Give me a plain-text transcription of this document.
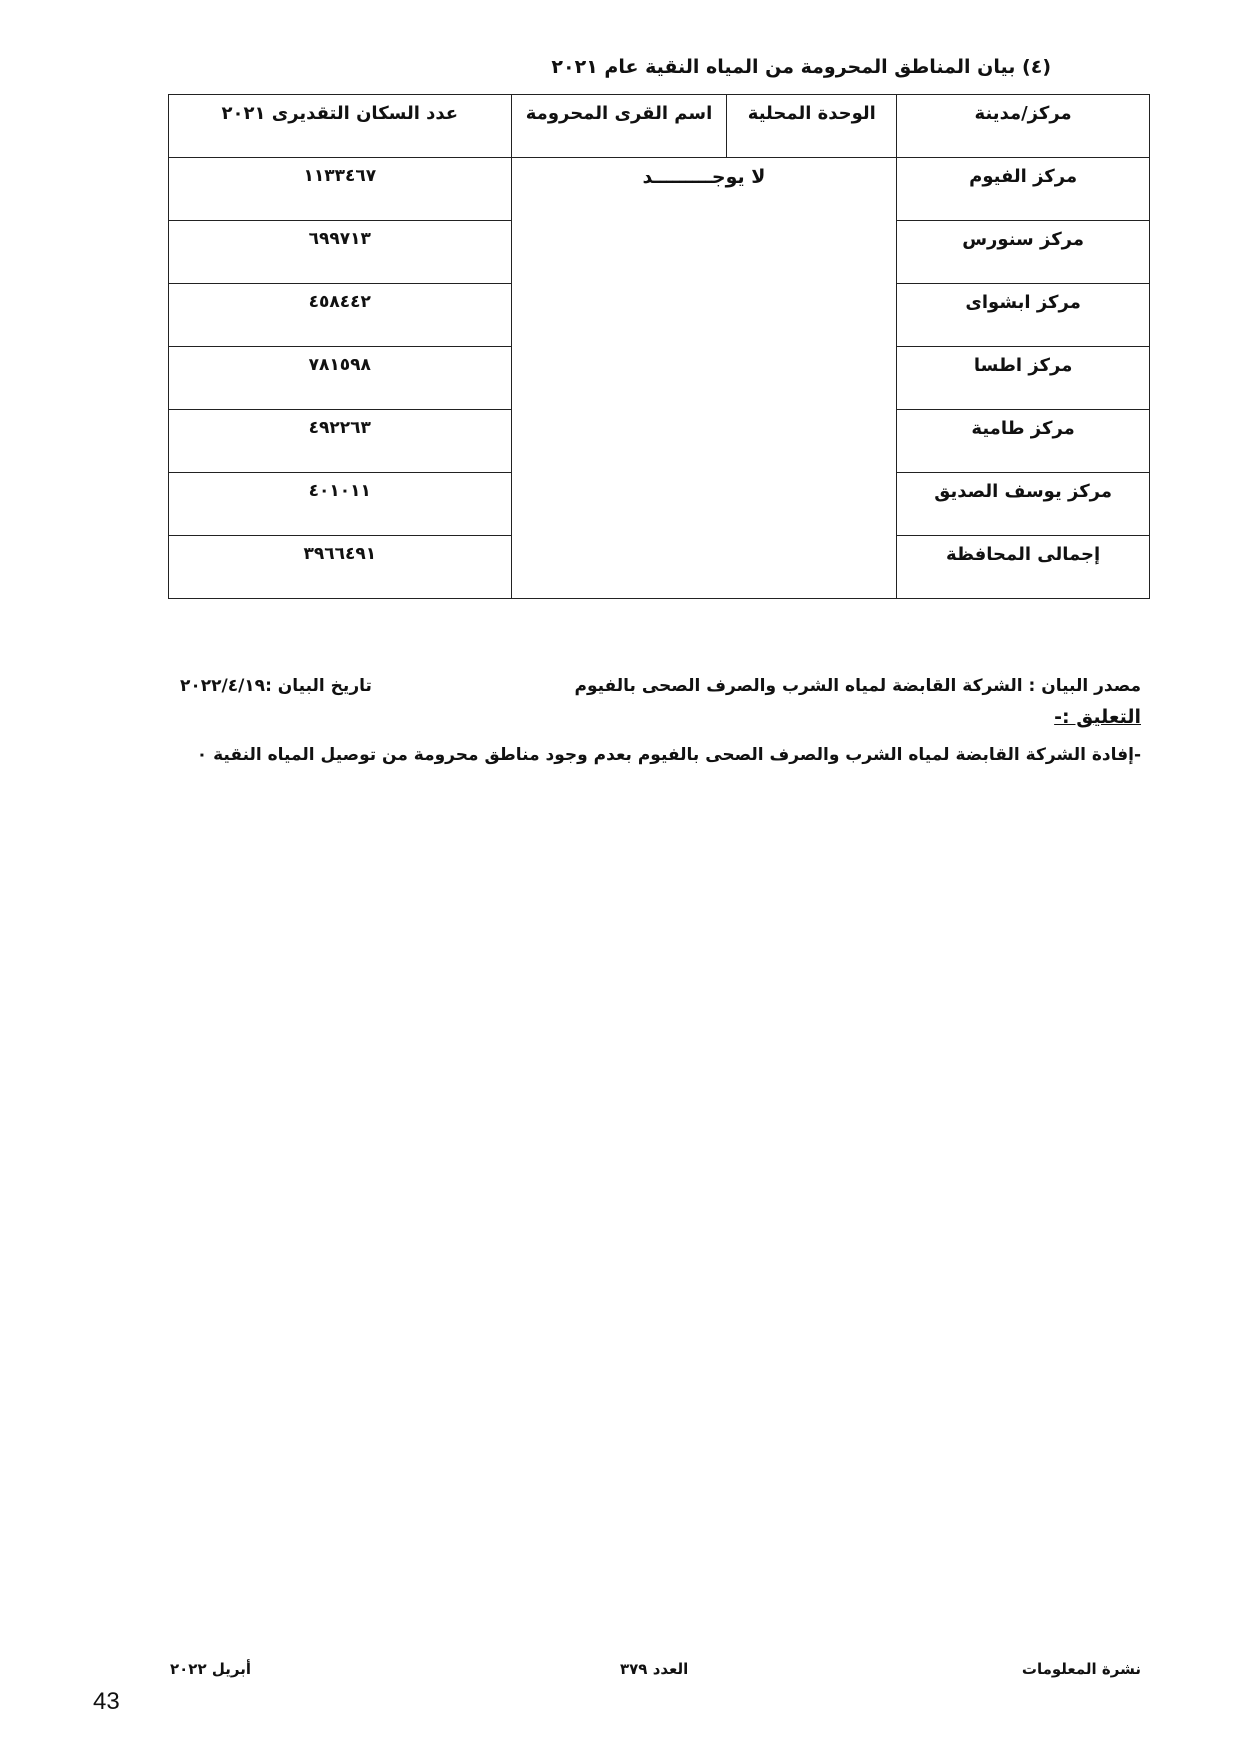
(٤) بيان المناطق المحرومة من المياه النقية عام ٢٠٢١
مركز/مدينة	الوحدة المحلية	اسم القرى المحرومة	عدد السكان التقديرى ٢٠٢١
مركز الفيوم	لا يوجـــــــــد		١١٣٣٤٦٧
مركز سنورس			٦٩٩٧١٣
مركز ابشواى			٤٥٨٤٤٢
مركز اطسا			٧٨١٥٩٨
مركز طامية			٤٩٢٢٦٣
مركز يوسف الصديق			٤٠١٠١١
إجمالى المحافظة			٣٩٦٦٤٩١
مصدر البيان : الشركة القابضة لمياه الشرب والصرف الصحى بالفيوم
تاريخ البيان :٢٠٢٢/٤/١٩
التعليق :-
-إفادة الشركة القابضة لمياه الشرب والصرف الصحى بالفيوم بعدم وجود مناطق محرومة من توصيل المياه النقية ٠
نشرة المعلومات
العدد ٣٧٩
أبريل ٢٠٢٢
43
